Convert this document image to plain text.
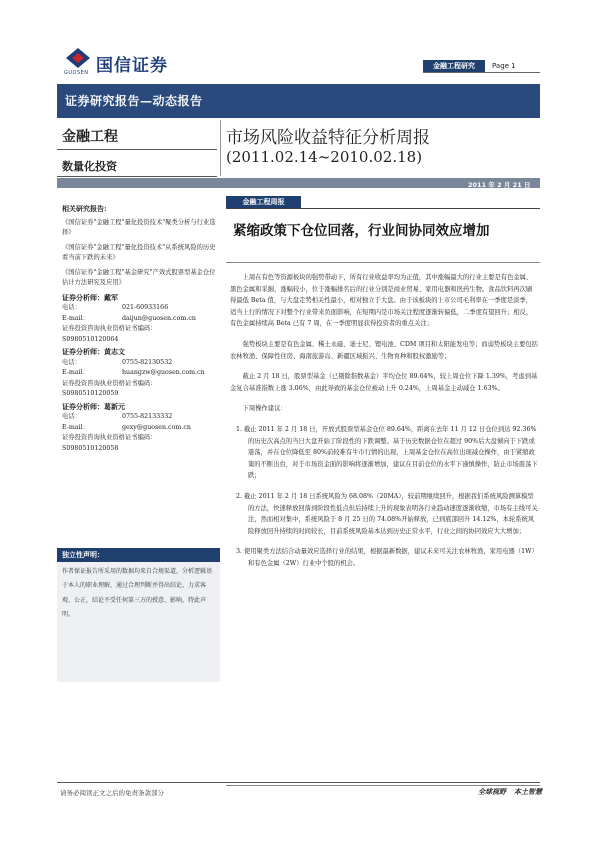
国信证券
GUOSEN
金融工程研究	Page 1
证券研究报告—动态报告
金融工程
数量化投资
市场风险收益特征分析周报
(2011.02.14~2010.02.18)
2011 年 2 月 21 日
金融工程周报
紧缩政策下仓位回落，行业间协同效应增加
相关研究报告:
《国信证券"金融工程"量化投资技术"聚类分析与行业选择》
《国信证券"金融工程"量化投资技术"从系统风险的历史看当前下跌的未来》
《国信证券"金融工程"基金研究"产效式股票型基金仓位估计方法研究及应用》
证券分析师：戴军
电话：	021-60933166
E-mail：	daijun@guosen.com.cn
证券投资咨询执业资格证书编码：
S0980510120064
证券分析师：黄志文
电话：	0755-82130532
E-mail：	huangzw@guosen.com.cn
证券投资咨询执业资格证书编码：
S0980510120059
证券分析师：葛新元
电话：	0755-82133332
E-mail：	gexy@guosen.com.cn
证券投资咨询执业资格证书编码：
S0980510120058
独立性声明：
作者保证报告所采用的数据均来自合规渠道，分析逻辑基于本人的职业理解，通过合理判断并得出结论，力求客观、公正，结论不受任何第三方的授意、影响，特此声明。

上周在有色等资源板块的强势带动下，所有行业收益率均为正值，其中涨幅最大的行业主要是有色金属、黑色金属和采掘，涨幅较小，位于涨幅排名后的行业分别是商业贸易、家用电器和医药生物。食品饮料再次刷得最低 Beta 值，与大盘走势相关性最小，相对独立于大盘。由于该板块的上市公司毛利率在一季度是淡季，适当上行的情况下对整个行业带来负面影响，在短期内是市场关注程度逐渐转偏低，二季度有望回升；相反，有色金属持续高 Beta 已有 7 周，在一季度明显获得投资者的重点关注；

强势板块主要是有色金属、稀土永磁、迪士尼、锂电池、CDM 项目和太阳能发电等；而弱势板块主要包括农林牧渔、保障性住房、海南旅游岛、新疆区域振兴、生物育种和股权激励等；

截止 2 月 18 日，股票型基金（已剔除指数基金）平均仓位 89.64%，较上周仓位下降 1.39%，考虑到基金复合基准指数上涨 3.06%，由此导致的基金仓位被动上升 0.24%，上周基金主动减仓 1.63%。

下周操作建议：

1. 截止 2011 年 2 月 18 日，开放式股票型基金仓位 89.64%，距离在去年 11 月 12 日仓位到达 92.36%的历史次高点的当日大盘开始了阶段性的下跌调整。基于历史数据仓位在超过 90%后大盘倾向于下跌或震荡，并在仓位降低至 80%前较难有牛市行情的出现，上周基金仓位在高位出现减仓操作，由于紧缩政策的不断出台，对于市场资金面的影响将逐渐增加，建议在目前仓位的水平下谨慎操作，防止市场震荡下跌；
2. 截止 2011 年 2 月 18 日系统风险为 68.08%（20MA），较前期继续回升，根据我们系统风险测算模型的方法，快速释放回落到阶段性低点但后持续上升的现象表明各行业趋动速度逐渐收缩，市场有主线可关注，然而相对集中，系统风险于 8 月 25 日的 74.08%开始释放，已到底部回升 14.12%，本轮系统风险释放回升持续的时间较长，目前系统风险基本达到历史正常水平，行业之间的协同效应大大增加；
3. 使用聚类方法结合动量效应选择行业的结果，根据最新数据，建议未来可关注农林牧渔，家用电器（1W）和有色金属（2W）行业中个股的机会。
请务必阅读正文之后的免责条款部分	全球视野 本土智慧
